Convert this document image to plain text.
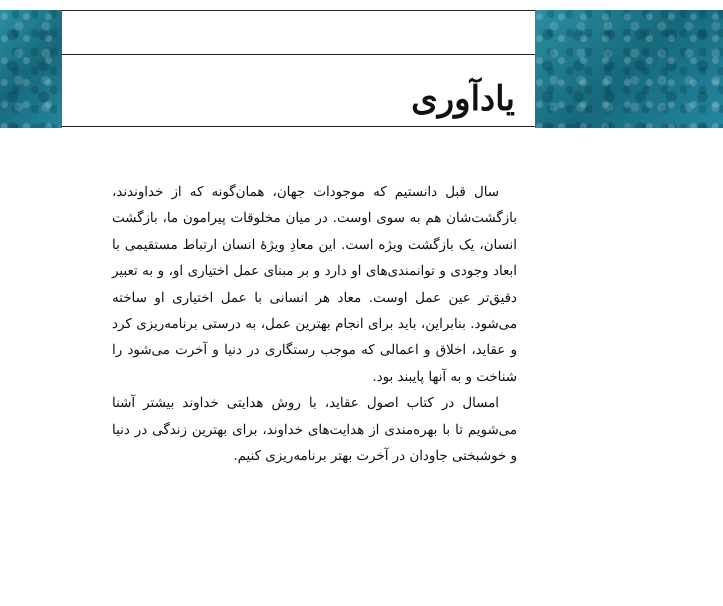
یادآوری

سال قبل دانستیم که موجودات جهان، همان‌گونه که از خداوندند، بازگشت‌شان هم به سوی اوست. در میان مخلوقات پیرامون ما، بازگشت انسان، یک بازگشت ویژه است. این معادِ ویژهٔ انسان ارتباط مستقیمی با ابعاد وجودی و توانمندی‌های او دارد و بر مبنای عمل اختیاری او، و به تعبیر دقیق‌تر عین عمل اوست. معاد هر انسانی با عمل اختیاری او ساخته می‌شود. بنابراین، باید برای انجام بهترین عمل، به درستی برنامه‌ریزی کرد و عقاید، اخلاق و اعمالی که موجب رستگاری در دنیا و آخرت می‌شود را شناخت و به آنها پایبند بود.

امسال در کتاب اصول عقاید، با روش هدایتی خداوند بیشتر آشنا می‌شویم تا با بهره‌مندی از هدایت‌های خداوند، برای بهترین زندگی در دنیا و خوشبختی جاودان در آخرت بهتر برنامه‌ریزی کنیم.
